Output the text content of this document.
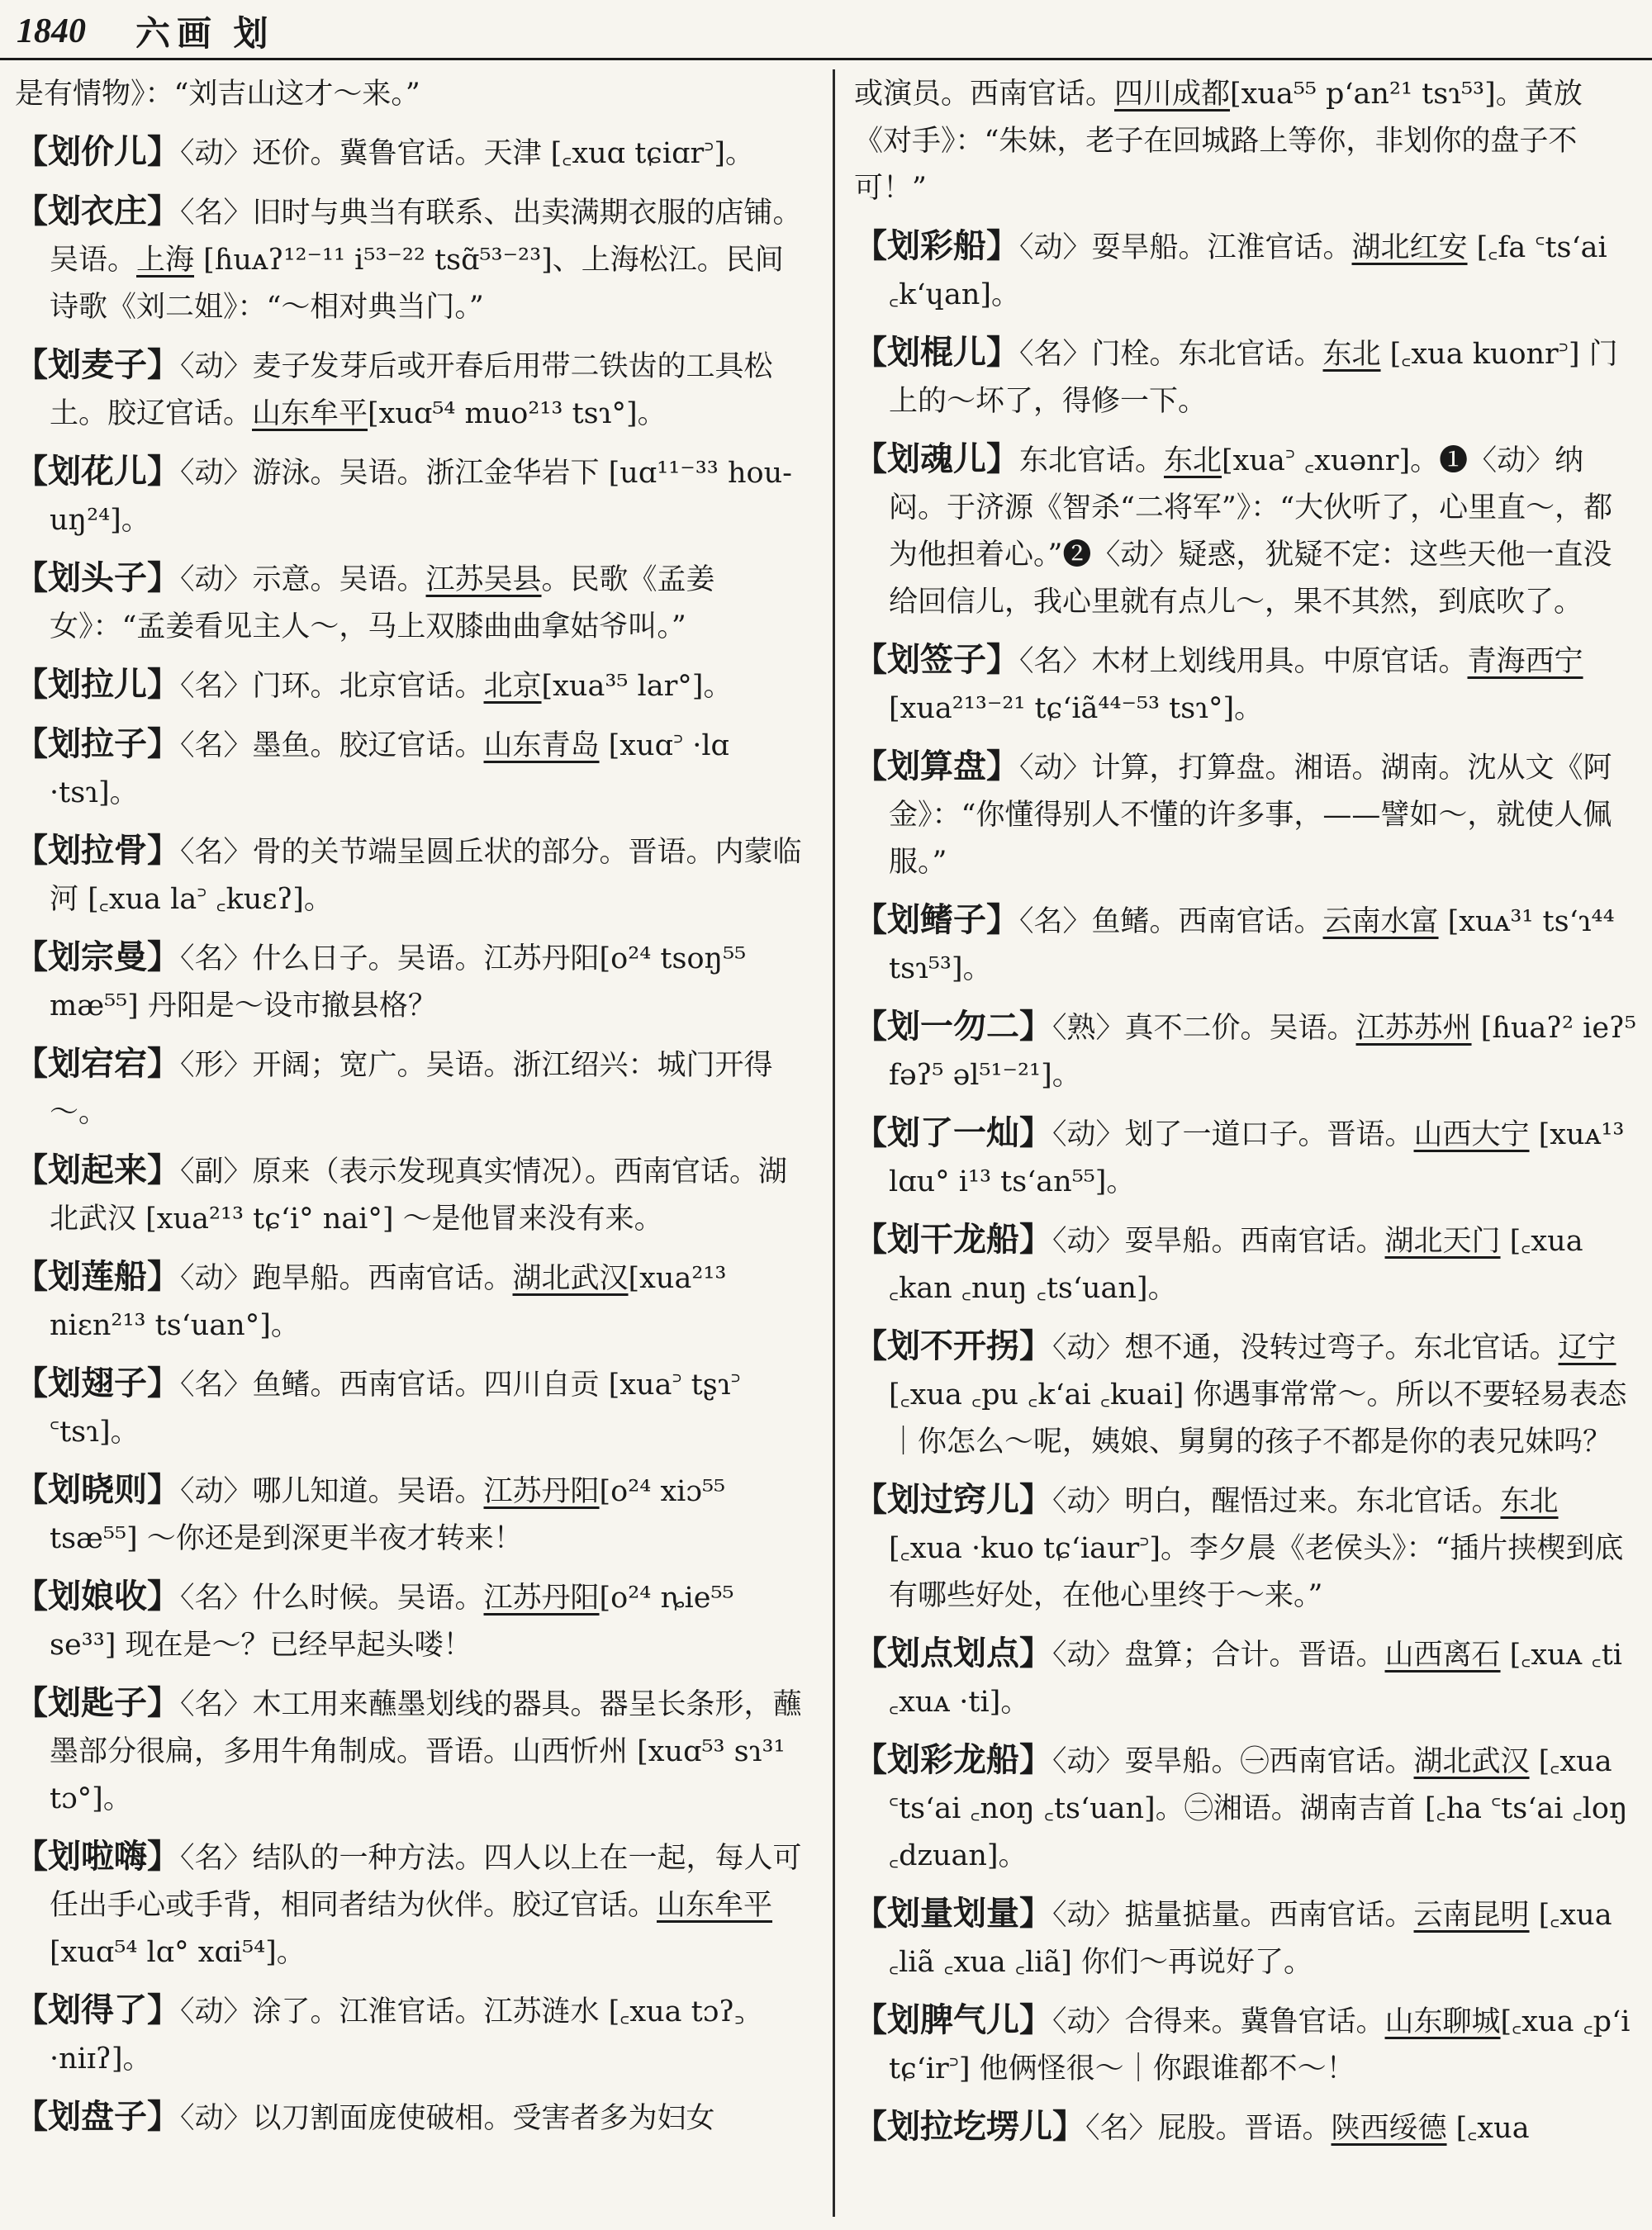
1840 六画 划

是有情物》：“刘吉山这才～来。”

【划价儿】〈动〉还价。冀鲁官话。天津 [꜀xuɑ tɕiɑr꜄]。

【划衣庄】〈名〉旧时与典当有联系、出卖满期衣服的店铺。吴语。上海 [ɦuᴀʔ¹²⁻¹¹ i⁵³⁻²² tsɑ̃⁵³⁻²³]、上海松江。民间诗歌《刘二姐》：“～相对典当门。”

【划麦子】〈动〉麦子发芽后或开春后用带二铁齿的工具松土。胶辽官话。山东牟平[xuɑ⁵⁴ muo²¹³ tsɿ°]。

【划花儿】〈动〉游泳。吴语。浙江金华岩下 [uɑ¹¹⁻³³ hou-uŋ²⁴]。

【划头子】〈动〉示意。吴语。江苏吴县。民歌《孟姜女》：“孟姜看见主人～，马上双膝曲曲拿姑爷叫。”

【划拉儿】〈名〉门环。北京官话。北京[xua³⁵ lar°]。

【划拉子】〈名〉墨鱼。胶辽官话。山东青岛 [xuɑ꜄ ·lɑ ·tsɿ]。

【划拉骨】〈名〉骨的关节端呈圆丘状的部分。晋语。内蒙临河 [꜀xua la꜄ ꜀kuɛʔ]。

【划宗曼】〈名〉什么日子。吴语。江苏丹阳[o²⁴ tsoŋ⁵⁵ mæ⁵⁵] 丹阳是～设市撤县格？

【划宕宕】〈形〉开阔；宽广。吴语。浙江绍兴：城门开得～。

【划起来】〈副〉原来（表示发现真实情况）。西南官话。湖北武汉 [xua²¹³ tɕʻi° nai°] ～是他冒来没有来。

【划莲船】〈动〉跑旱船。西南官话。湖北武汉[xua²¹³ niɛn²¹³ tsʻuan°]。

【划翅子】〈名〉鱼鳍。西南官话。四川自贡 [xua꜄ tʂɿ꜄ ꜂tsɿ]。

【划晓则】〈动〉哪儿知道。吴语。江苏丹阳[o²⁴ xiɔ⁵⁵ tsæ⁵⁵] ～你还是到深更半夜才转来！

【划娘收】〈名〉什么时候。吴语。江苏丹阳[o²⁴ ȵie⁵⁵ se³³] 现在是～？已经早起头喽！

【划匙子】〈名〉木工用来蘸墨划线的器具。器呈长条形，蘸墨部分很扁，多用牛角制成。晋语。山西忻州 [xuɑ⁵³ sɿ³¹ tɔ°]。

【划啦嗨】〈名〉结队的一种方法。四人以上在一起，每人可任出手心或手背，相同者结为伙伴。胶辽官话。山东牟平 [xuɑ⁵⁴ lɑ° xɑi⁵⁴]。

【划得了】〈动〉涂了。江淮官话。江苏涟水 [꜀xua tɔʔ꜆ ·niɪʔ]。

【划盘子】〈动〉以刀割面庞使破相。受害者多为妇女

或演员。西南官话。四川成都[xua⁵⁵ pʻan²¹ tsɿ⁵³]。黄放《对手》：“朱妹，老子在回城路上等你，非划你的盘子不可！”

【划彩船】〈动〉耍旱船。江淮官话。湖北红安 [꜀fa ꜂tsʻai ꜀kʻɥan]。

【划棍儿】〈名〉门栓。东北官话。东北 [꜀xua kuonr꜄] 门上的～坏了，得修一下。

【划魂儿】东北官话。东北[xua꜄ ꜀xuənr]。❶〈动〉纳闷。于济源《智杀“二将军”》：“大伙听了，心里直～，都为他担着心。”❷〈动〉疑惑，犹疑不定：这些天他一直没给回信儿，我心里就有点儿～，果不其然，到底吹了。

【划签子】〈名〉木材上划线用具。中原官话。青海西宁 [xua²¹³⁻²¹ tɕʻiã⁴⁴⁻⁵³ tsɿ°]。

【划算盘】〈动〉计算，打算盘。湘语。湖南。沈从文《阿金》：“你懂得别人不懂的许多事，——譬如～，就使人佩服。”

【划鳍子】〈名〉鱼鳍。西南官话。云南水富 [xuᴀ³¹ tsʻɿ⁴⁴ tsɿ⁵³]。

【划一勿二】〈熟〉真不二价。吴语。江苏苏州 [ɦuaʔ² ieʔ⁵ fəʔ⁵ əl⁵¹⁻²¹]。

【划了一灿】〈动〉划了一道口子。晋语。山西大宁 [xuᴀ¹³ lɑu° i¹³ tsʻan⁵⁵]。

【划干龙船】〈动〉耍旱船。西南官话。湖北天门 [꜀xua ꜀kan ꜀nuŋ ꜀tsʻuan]。

【划不开拐】〈动〉想不通，没转过弯子。东北官话。辽宁 [꜀xua ꜀pu ꜀kʻai ꜀kuai] 你遇事常常～。所以不要轻易表态｜你怎么～呢，姨娘、舅舅的孩子不都是你的表兄妹吗？

【划过窍儿】〈动〉明白，醒悟过来。东北官话。东北 [꜀xua ·kuo tɕʻiaur꜄]。李夕晨《老侯头》：“插片挟楔到底有哪些好处，在他心里终于～来。”

【划点划点】〈动〉盘算；合计。晋语。山西离石 [꜀xuᴀ ꜀ti ꜀xuᴀ ·ti]。

【划彩龙船】〈动〉耍旱船。㊀西南官话。湖北武汉 [꜀xua ꜂tsʻai ꜀noŋ ꜀tsʻuan]。㊁湘语。湖南吉首 [꜀ha ꜂tsʻai ꜀loŋ ꜀dzuan]。

【划量划量】〈动〉掂量掂量。西南官话。云南昆明 [꜀xua ꜀liã ꜀xua ꜀liã] 你们～再说好了。

【划脾气儿】〈动〉合得来。冀鲁官话。山东聊城[꜀xua ꜀pʻi tɕʻir꜄] 他俩怪很～｜你跟谁都不～！

【划拉圪塄儿】〈名〉屁股。晋语。陕西绥德 [꜀xua
